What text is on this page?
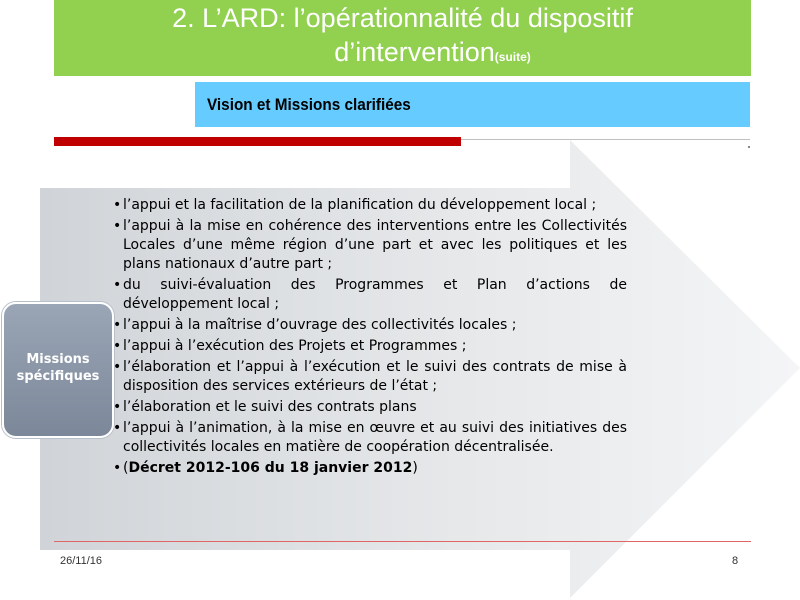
2. L’ARD: l’opérationnalité du dispositif
d’intervention(suite)
Vision et Missions clarifiées
Missions
spécifiques
• l’appui et la facilitation de la planification du développement local ;
• l’appui à la mise en cohérence des interventions entre les Collectivités Locales d’une même région d’une part et avec les politiques et les plans nationaux d’autre part ;
• du suivi-évaluation des Programmes et Plan d’actions de développement local ;
• l’appui à la maîtrise d’ouvrage des collectivités locales ;
• l’appui à l’exécution des Projets et Programmes ;
• l’élaboration et l’appui à l’exécution et le suivi des contrats de mise à disposition des services extérieurs de l’état ;
• l’élaboration et le suivi des contrats plans
• l’appui à l’animation, à la mise en œuvre et au suivi des initiatives des collectivités locales en matière de coopération décentralisée.
• (Décret 2012-106 du 18 janvier 2012)
26/11/16	8
